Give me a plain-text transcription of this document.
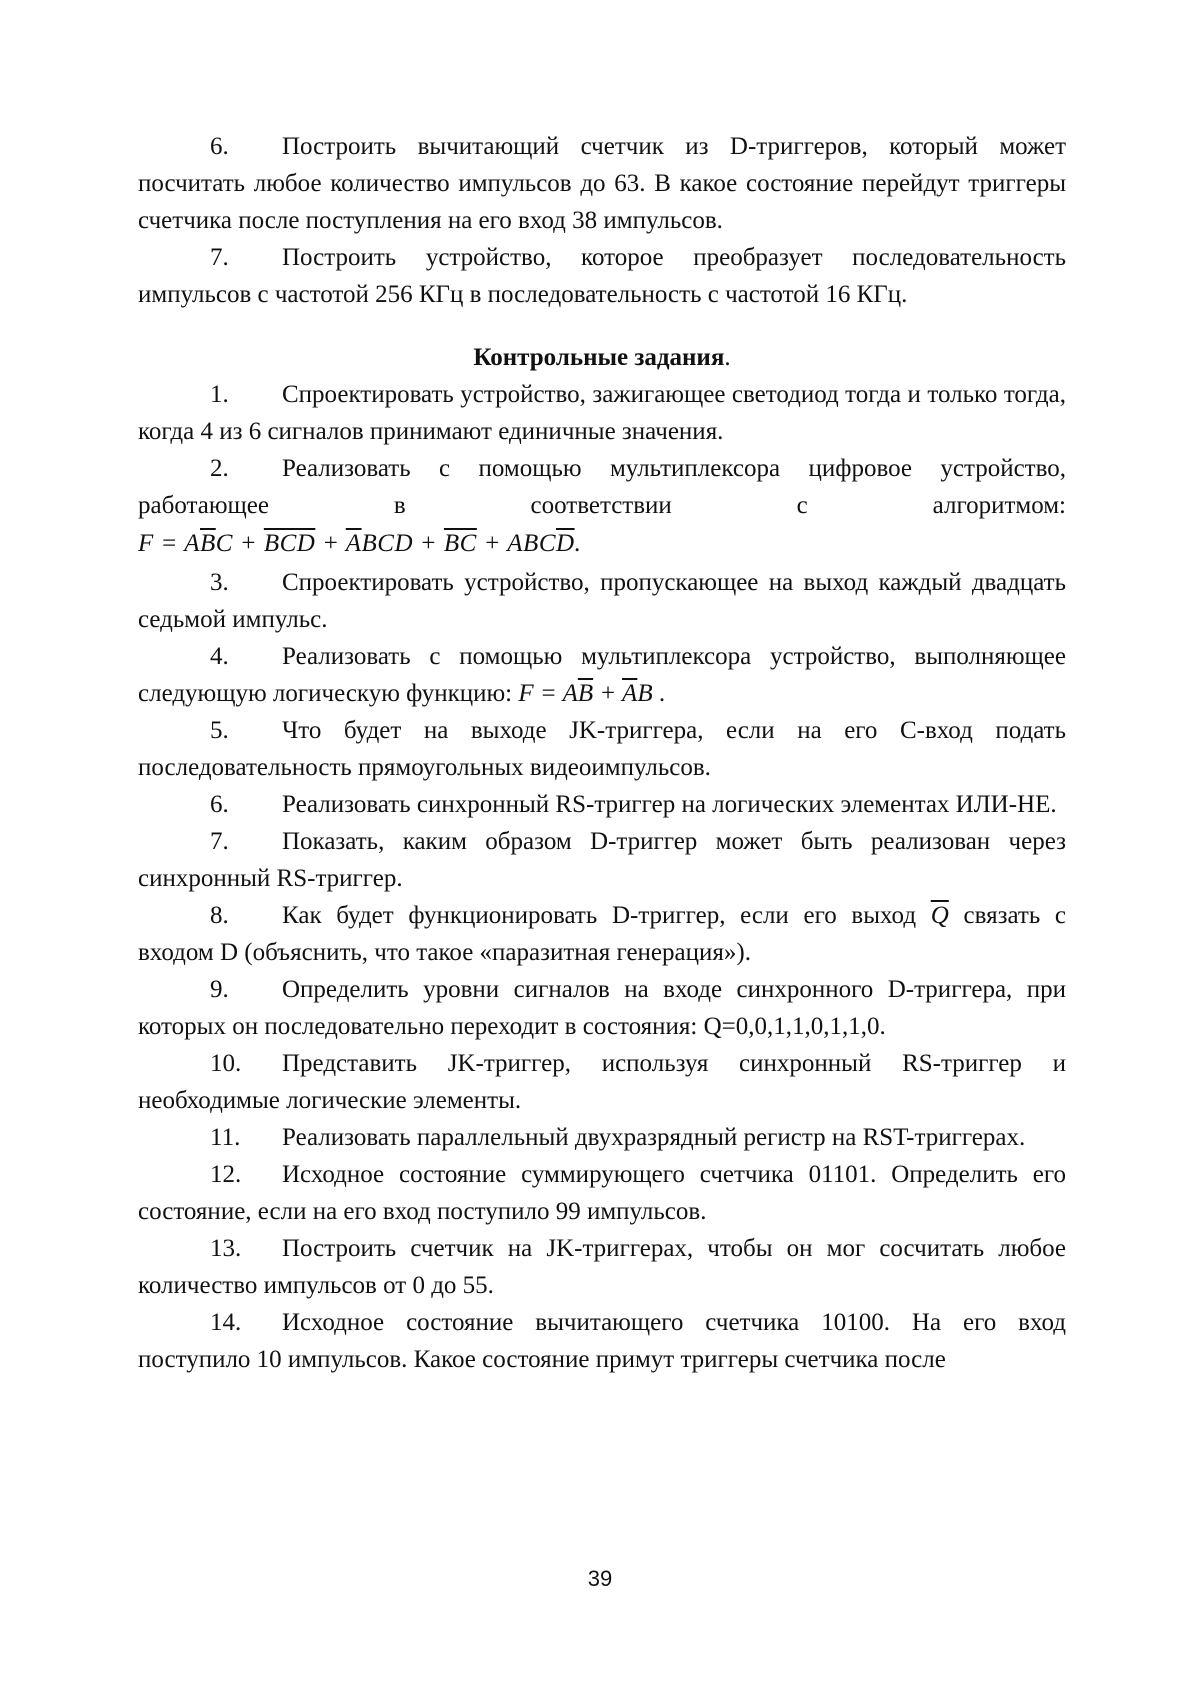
6. Построить вычитающий счетчик из D-триггеров, который может посчитать любое количество импульсов до 63. В какое состояние перейдут триггеры счетчика после поступления на его вход 38 импульсов.

7. Построить устройство, которое преобразует последовательность импульсов с частотой 256 КГц в последовательность с частотой 16 КГц.

Контрольные задания.

1. Спроектировать устройство, зажигающее светодиод тогда и только тогда, когда 4 из 6 сигналов принимают единичные значения.

2. Реализовать с помощью мультиплексора цифровое устройство, работающее в соответствии с алгоритмом:

$F = A\overline{B}C + \overline{BCD} + \overline{A}BCD + \overline{BC} + ABC\overline{D}$.

3. Спроектировать устройство, пропускающее на выход каждый двадцать седьмой импульс.

4. Реализовать с помощью мультиплексора устройство, выполняющее следующую логическую функцию: $F = A\overline{B} + \overline{A}B$ .

5. Что будет на выходе JK-триггера, если на его C-вход подать последовательность прямоугольных видеоимпульсов.

6. Реализовать синхронный RS-триггер на логических элементах ИЛИ-НЕ.

7. Показать, каким образом D-триггер может быть реализован через синхронный RS-триггер.

8. Как будет функционировать D-триггер, если его выход $\overline{Q}$ связать с входом D (объяснить, что такое «паразитная генерация»).

9. Определить уровни сигналов на входе синхронного D-триггера, при которых он последовательно переходит в состояния: Q=0,0,1,1,0,1,1,0.

10. Представить JK-триггер, используя синхронный RS-триггер и необходимые логические элементы.

11. Реализовать параллельный двухразрядный регистр на RST-триггерах.

12. Исходное состояние суммирующего счетчика 01101. Определить его состояние, если на его вход поступило 99 импульсов.

13. Построить счетчик на JK-триггерах, чтобы он мог сосчитать любое количество импульсов от 0 до 55.

14. Исходное состояние вычитающего счетчика 10100. На его вход поступило 10 импульсов. Какое состояние примут триггеры счетчика после

39
